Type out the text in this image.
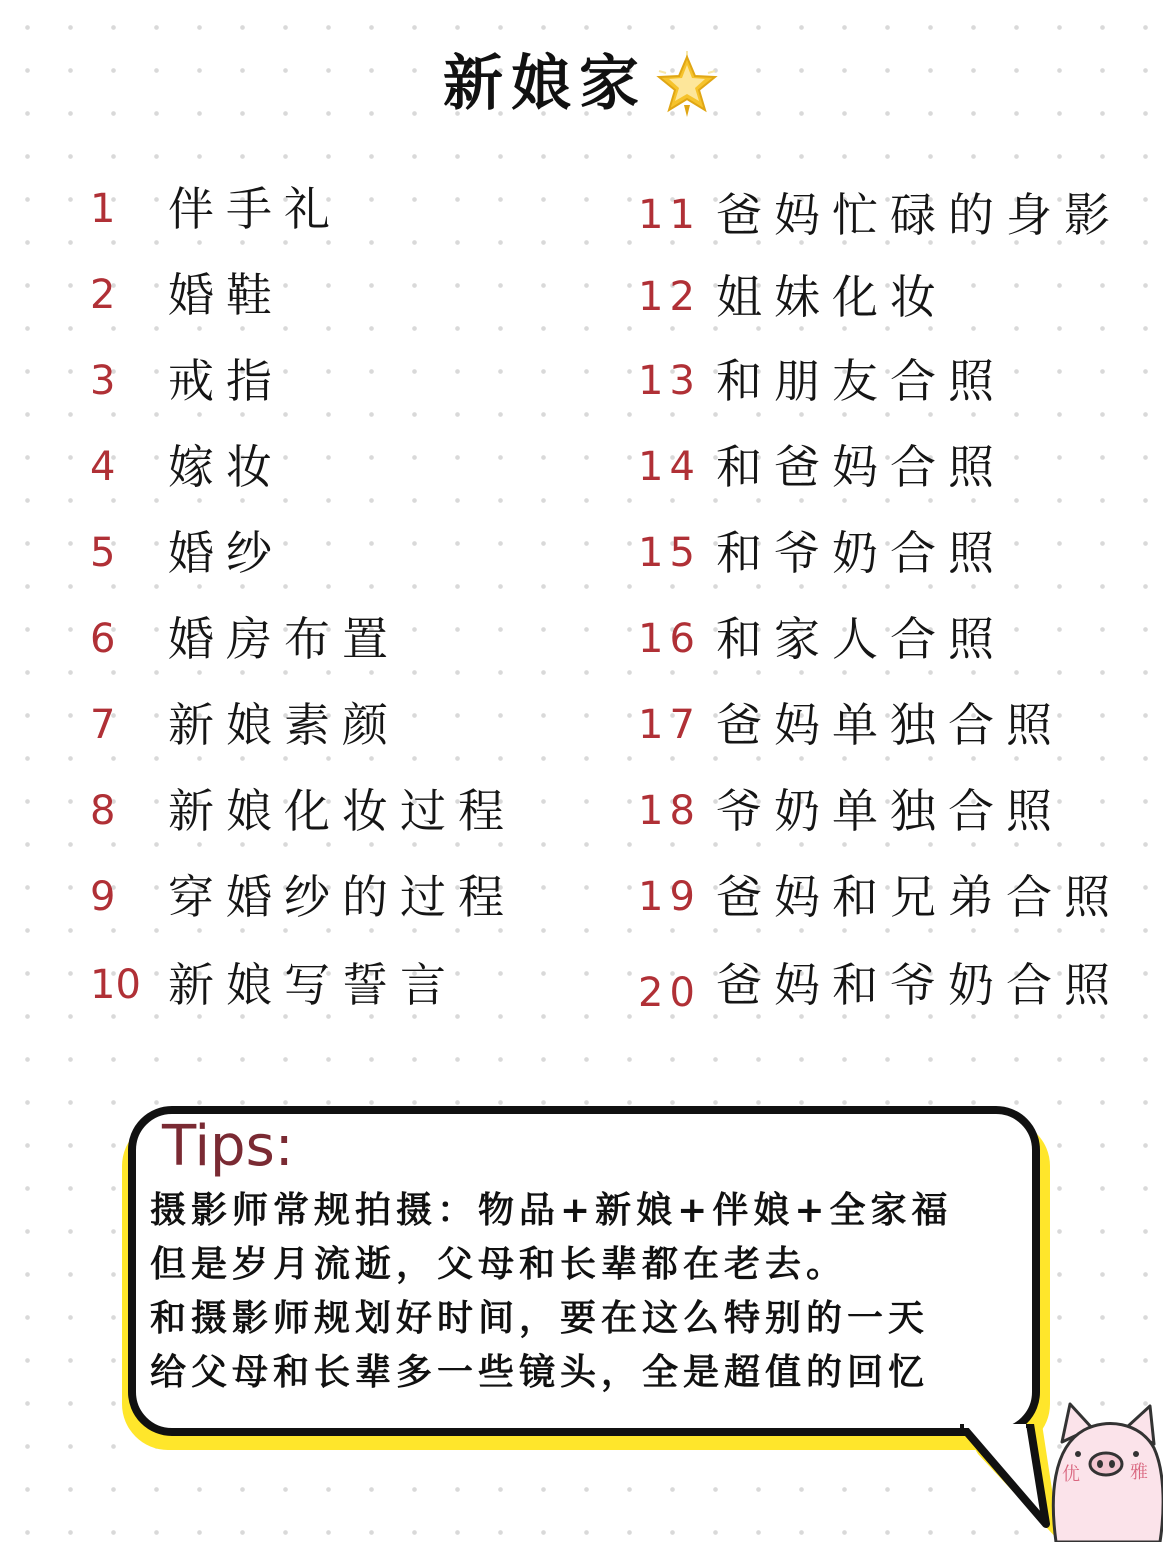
新娘家
1 伴手礼
2 婚鞋
3 戒指
4 嫁妆
5 婚纱
6 婚房布置
7 新娘素颜
8 新娘化妆过程
9 穿婚纱的过程
10 新娘写誓言
11 爸妈忙碌的身影
12 姐妹化妆
13 和朋友合照
14 和爸妈合照
15 和爷奶合照
16 和家人合照
17 爸妈单独合照
18 爷奶单独合照
19 爸妈和兄弟合照
20 爸妈和爷奶合照
Tips:
摄影师常规拍摄：物品+新娘+伴娘+全家福
但是岁月流逝，父母和长辈都在老去。
和摄影师规划好时间，要在这么特别的一天
给父母和长辈多一些镜头，全是超值的回忆
优	雅
